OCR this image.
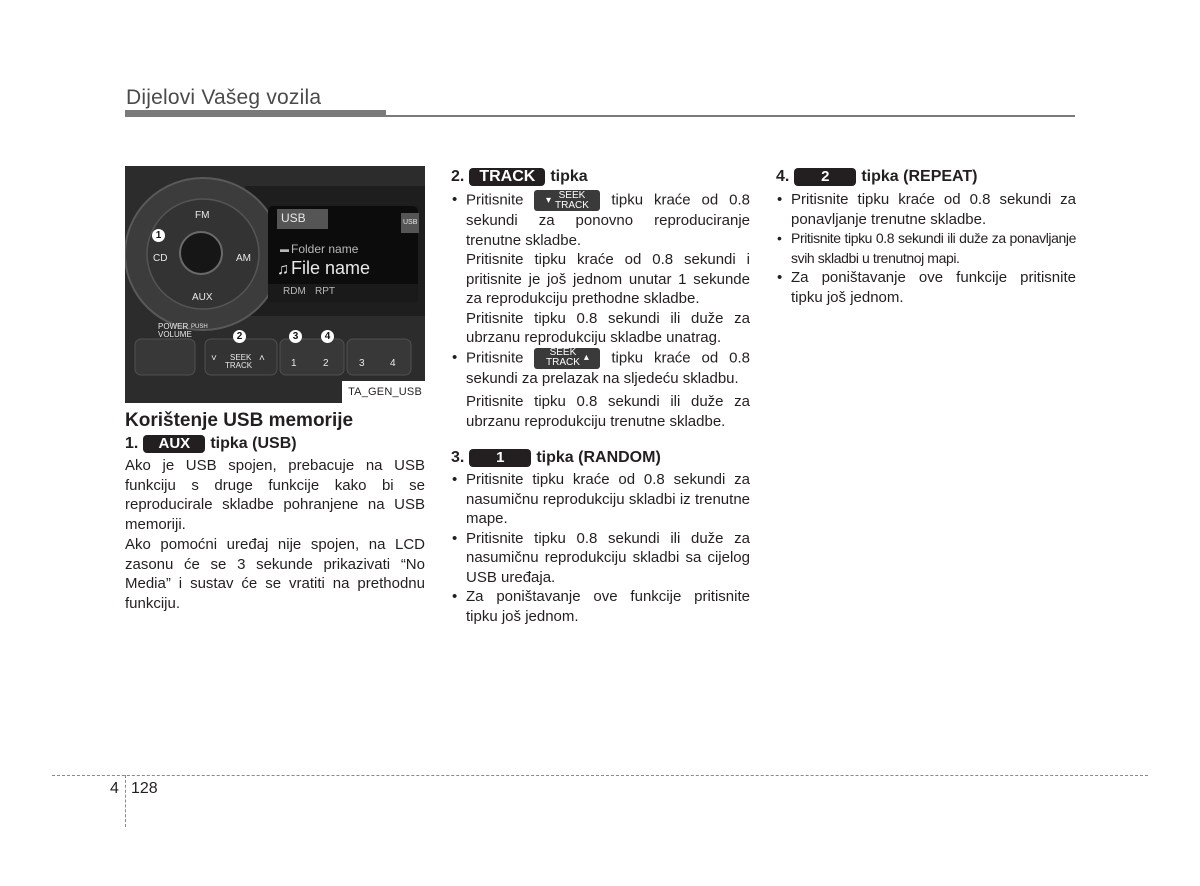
Dijelovi Vašeg vozila
FM
CD	AM
AUX
POWER PUSH
VOLUME
SEEK
TRACK
˅	˄	1	2	3	4
USB	USB
▬ Folder name
♫ File name
RDM RPT
1
2	3	4
TA_GEN_USB
Korištenje USB memorije
1.	AUX	tipka (USB)

Ako je USB spojen, prebacuje na USB funkciju s druge funkcije kako bi se reproducirale skladbe pohranjene na USB memoriji.

Ako pomoćni uređaj nije spojen, na LCD zasonu će se 3 sekunde prikazivati “No Media” i sustav će se vratiti na prethodnu funkciju.

2. TRACK tipka
• Pritisnite ▾ SEEK
TRACK tipku kraće od 0.8 sekundi za ponovno reproduciranje trenutne skladbe.

Pritisnite tipku kraće od 0.8 sekundi i pritisnite je još jednom unutar 1 sekunde za reprodukciju prethodne skladbe.

Pritisnite tipku 0.8 sekundi ili duže za ubrzanu reprodukciju skladbe unatrag.

• Pritisnite	SEEK
TRACK ▴ tipku kraće od 0.8 sekundi za prelazak na sljedeću skladbu.

Pritisnite tipku 0.8 sekundi ili duže za ubrzanu reprodukciju trenutne skladbe.

3.	1	tipka (RANDOM)
• Pritisnite tipku kraće od 0.8 sekundi za nasumičnu reprodukciju skladbi iz trenutne mape.
• Pritisnite tipku 0.8 sekundi ili duže za nasumičnu reprodukciju skladbi sa cijelog USB uređaja.
• Za poništavanje ove funkcije pritisnite tipku još jednom.
4.	2	tipka (REPEAT)
• Pritisnite tipku kraće od 0.8 sekundi za ponavljanje trenutne skladbe.
• Pritisnite tipku 0.8 sekundi ili duže za ponavljanje svih skladbi u trenutnoj mapi.
• Za poništavanje ove funkcije pritisnite tipku još jednom.
4 128
